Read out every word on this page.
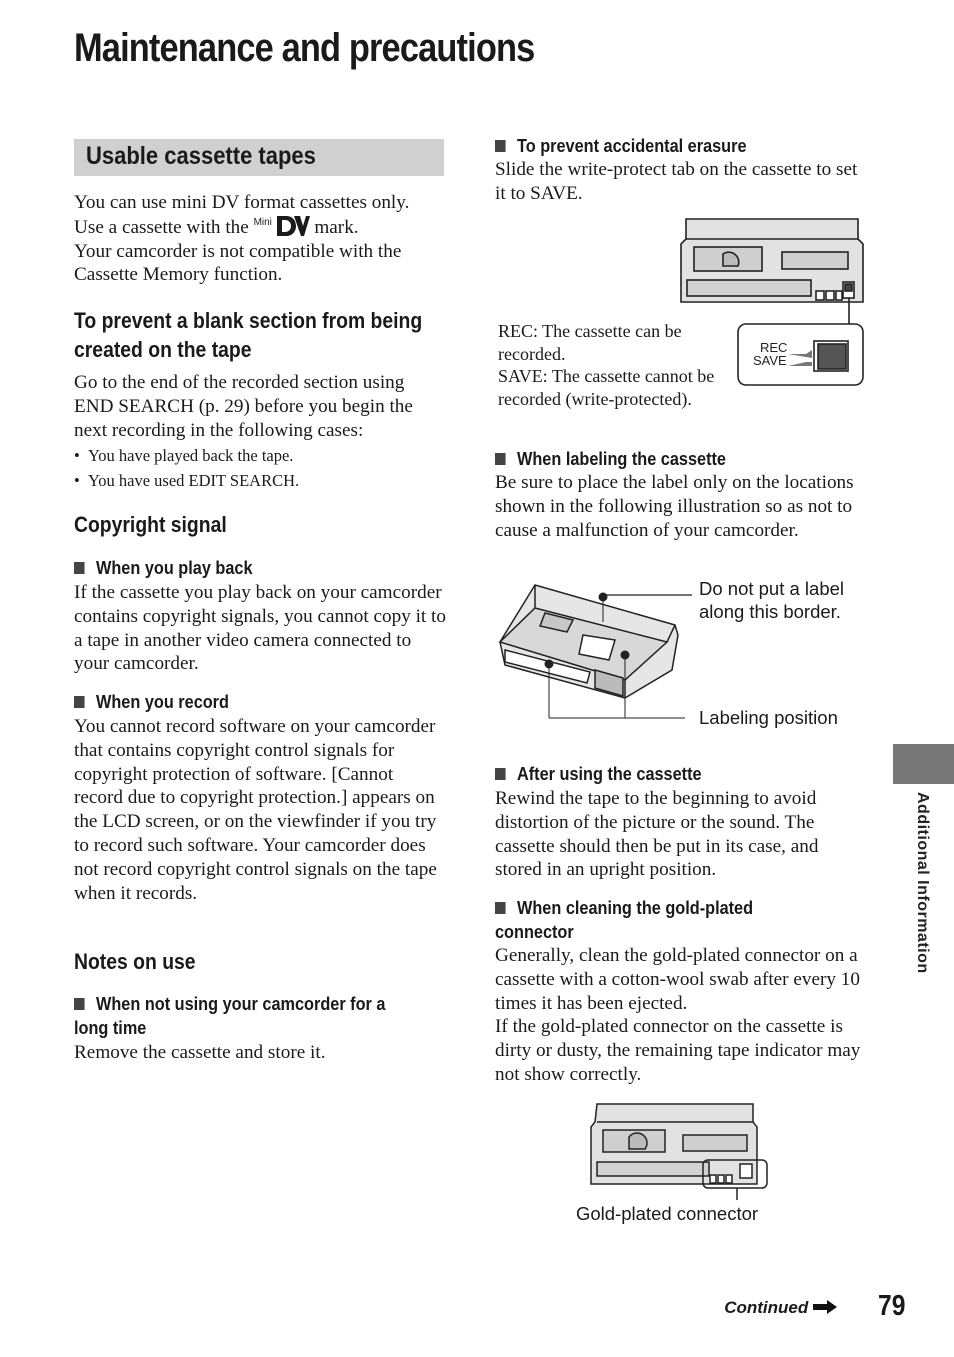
Maintenance and precautions
Usable cassette tapes
You can use mini DV format cassettes only.
Use a cassette with the Mini mark.
Your camcorder is not compatible with the Cassette Memory function.
To prevent a blank section from being created on the tape
Go to the end of the recorded section using END SEARCH (p. 29) before you begin the next recording in the following cases:
• You have played back the tape.
• You have used EDIT SEARCH.
Copyright signal
When you play back
If the cassette you play back on your camcorder contains copyright signals, you cannot copy it to a tape in another video camera connected to your camcorder.
When you record
You cannot record software on your camcorder that contains copyright control signals for copyright protection of software. [Cannot record due to copyright protection.] appears on the LCD screen, or on the viewfinder if you try to record such software. Your camcorder does not record copyright control signals on the tape when it records.
Notes on use
When not using your camcorder for a
long time
Remove the cassette and store it.
To prevent accidental erasure
Slide the write-protect tab on the cassette to set it to SAVE.
REC
SAVE
REC: The cassette can be recorded.
SAVE: The cassette cannot be recorded (write-protected).
When labeling the cassette
Be sure to place the label only on the locations shown in the following illustration so as not to cause a malfunction of your camcorder.
Do not put a label
along this border.
Labeling position
After using the cassette
Rewind the tape to the beginning to avoid distortion of the picture or the sound. The cassette should then be put in its case, and stored in an upright position.
When cleaning the gold-plated
connector
Generally, clean the gold-plated connector on a cassette with a cotton-wool swab after every 10 times it has been ejected.
If the gold-plated connector on the cassette is dirty or dusty, the remaining tape indicator may not show correctly.
Gold-plated connector
Additional Information
Continued	79
